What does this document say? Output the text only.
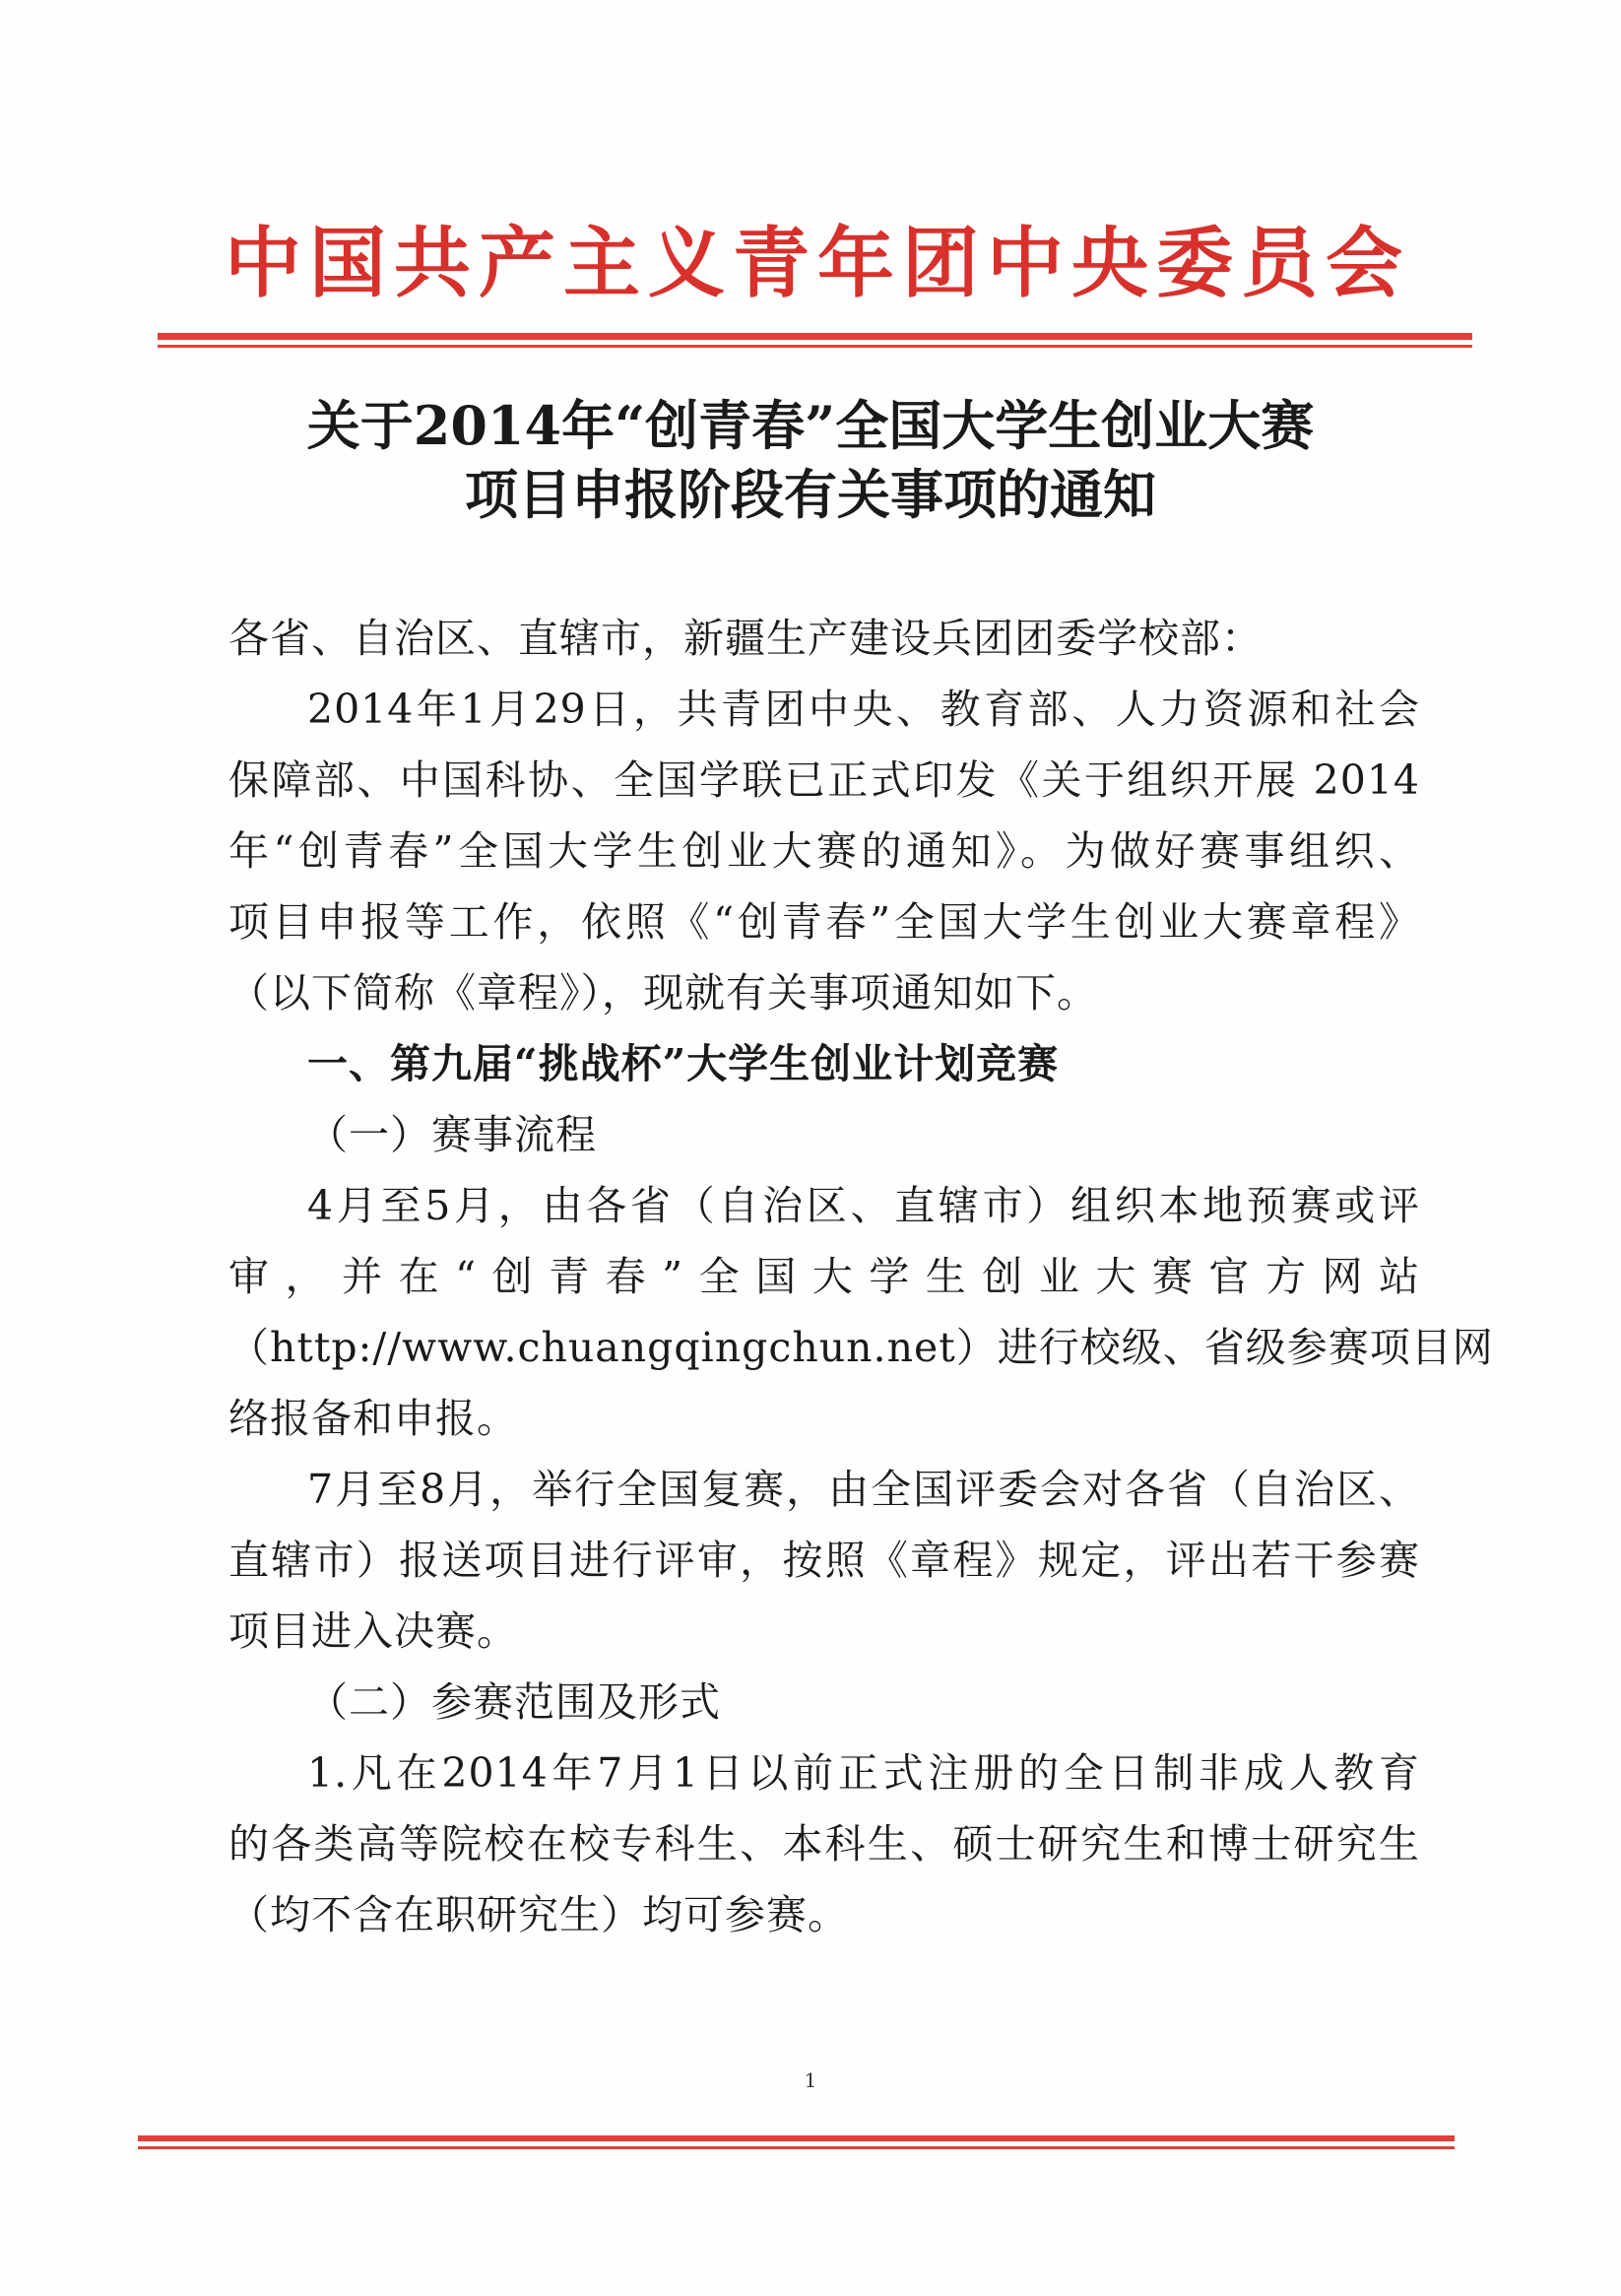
中国共产主义青年团中央委员会
关于2014年“创青春”全国大学生创业大赛
项目申报阶段有关事项的通知
各省、自治区、直辖市，新疆生产建设兵团团委学校部：
2014年1月29日，共青团中央、教育部、人力资源和社会
保障部、中国科协、全国学联已正式印发《关于组织开展 2014
年“创青春”全国大学生创业大赛的通知》。为做好赛事组织、
项目申报等工作，依照《“创青春”全国大学生创业大赛章程》
（以下简称《章程》），现就有关事项通知如下。
一、第九届“挑战杯”大学生创业计划竞赛
（一）赛事流程
4月至5月，由各省（自治区、直辖市）组织本地预赛或评
审，并在“创青春”全国大学生创业大赛官方网站
（http://www.chuangqingchun.net）进行校级、省级参赛项目网
络报备和申报。
7月至8月，举行全国复赛，由全国评委会对各省（自治区、
直辖市）报送项目进行评审，按照《章程》规定，评出若干参赛
项目进入决赛。
（二）参赛范围及形式
1.凡在2014年7月1日以前正式注册的全日制非成人教育
的各类高等院校在校专科生、本科生、硕士研究生和博士研究生
（均不含在职研究生）均可参赛。
1
